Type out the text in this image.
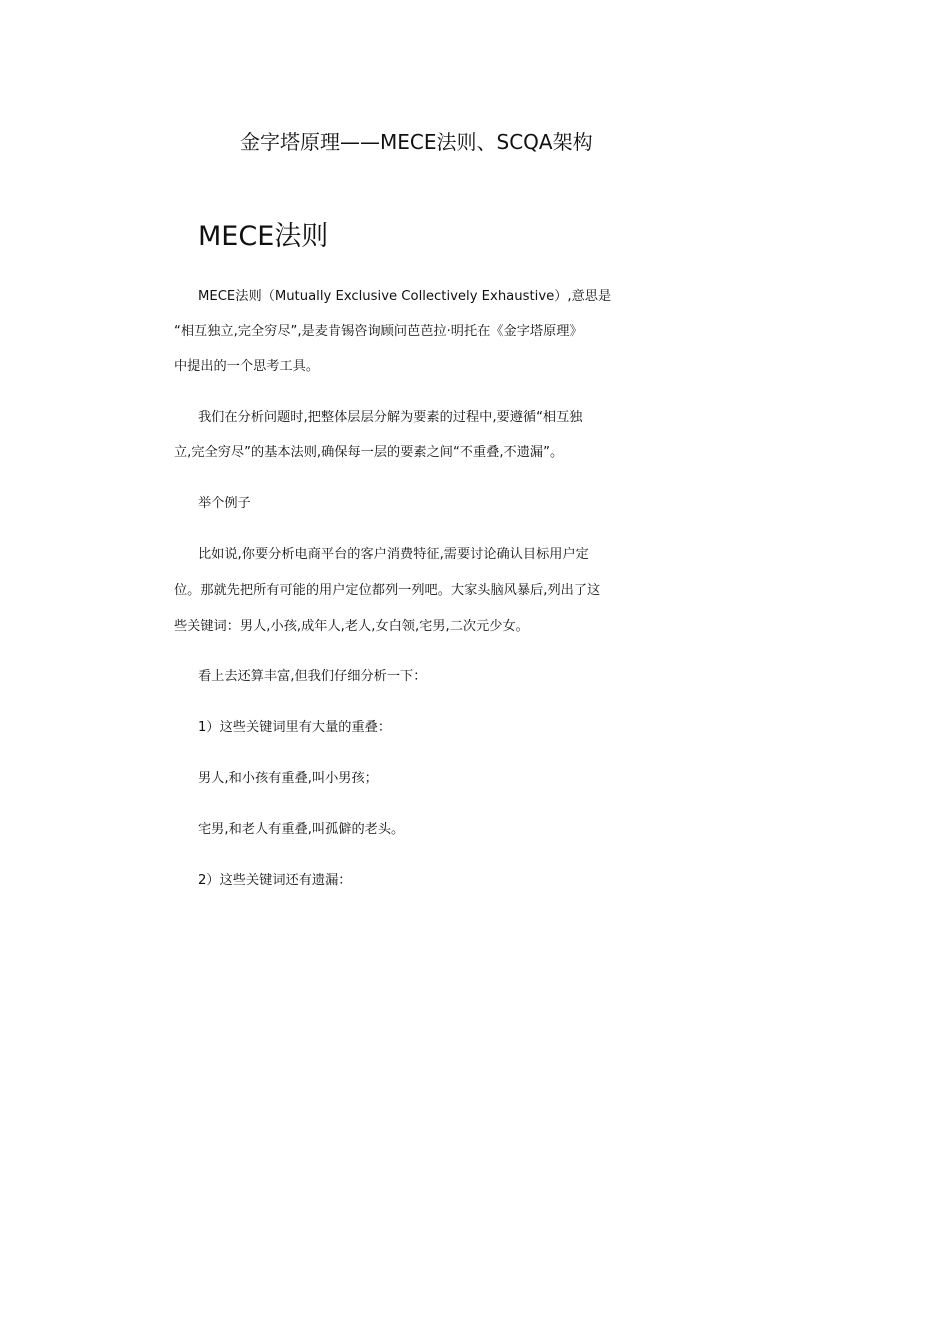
金字塔原理——MECE法则、SCQA架构
MECE法则
MECE法则（Mutually Exclusive Collectively Exhaustive）,意思是
“相互独立,完全穷尽”,是麦肯锡咨询顾问芭芭拉·明托在《金字塔原理》
中提出的一个思考工具。
我们在分析问题时,把整体层层分解为要素的过程中,要遵循“相互独
立,完全穷尽”的基本法则,确保每一层的要素之间“不重叠,不遗漏”。
举个例子
比如说,你要分析电商平台的客户消费特征,需要讨论确认目标用户定
位。那就先把所有可能的用户定位都列一列吧。大家头脑风暴后,列出了这
些关键词：男人,小孩,成年人,老人,女白领,宅男,二次元少女。
看上去还算丰富,但我们仔细分析一下：
1）这些关键词里有大量的重叠：
男人,和小孩有重叠,叫小男孩；
宅男,和老人有重叠,叫孤僻的老头。
2）这些关键词还有遗漏：
